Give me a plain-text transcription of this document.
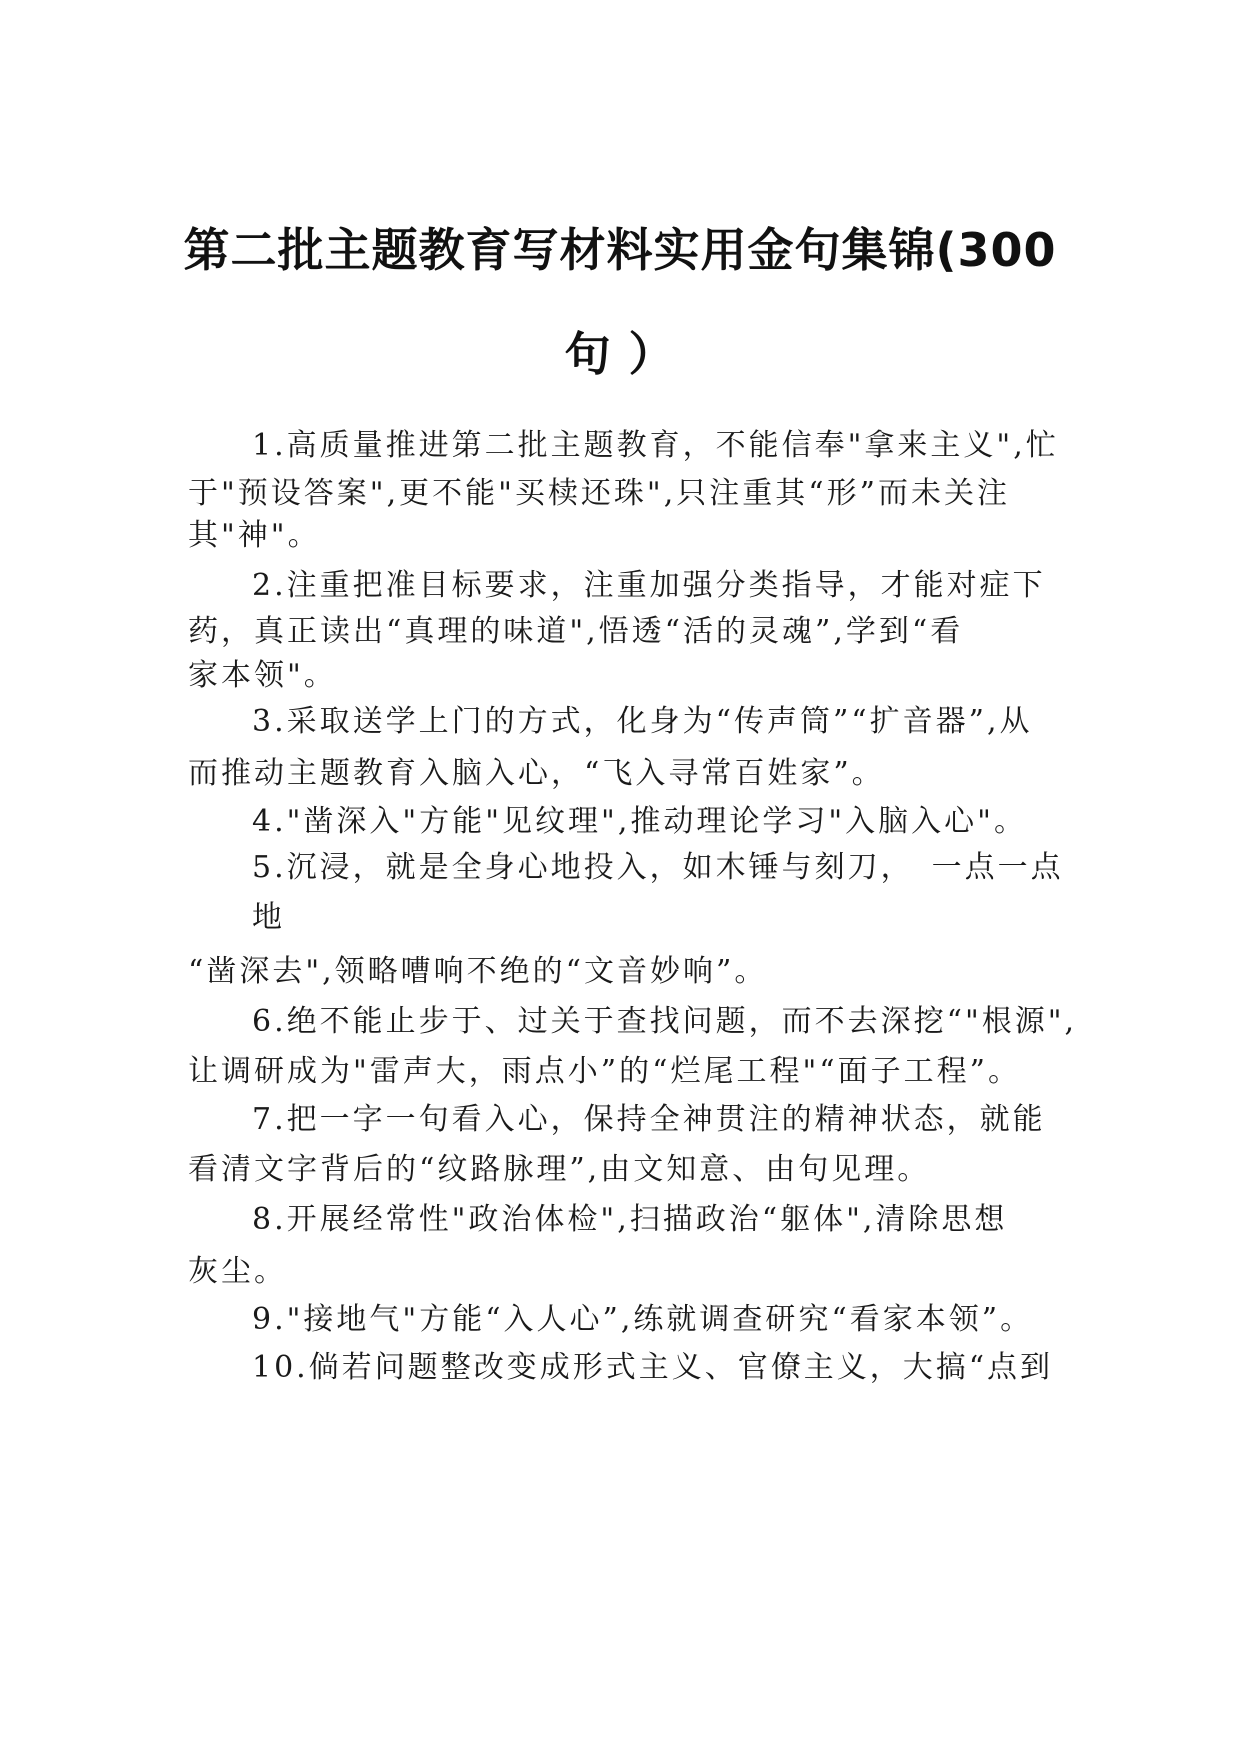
第二批主题教育写材料实用金句集锦(300
句 ）
1.高质量推进第二批主题教育，不能信奉"拿来主义",忙
于"预设答案",更不能"买椟还珠",只注重其“形”而未关注
其"神"。
2.注重把准目标要求，注重加强分类指导，才能对症下
药，真正读出“真理的味道",悟透“活的灵魂”,学到“看
家本领"。
3.采取送学上门的方式，化身为“传声筒”“扩音器”,从
而推动主题教育入脑入心，“飞入寻常百姓家”。
4."凿深入"方能"见纹理",推动理论学习"入脑入心"。
5.沉浸，就是全身心地投入，如木锤与刻刀，　一点一点
地
“凿深去",领略嘈响不绝的“文音妙响”。
6.绝不能止步于、过关于查找问题，而不去深挖“"根源",
让调研成为"雷声大，雨点小”的“烂尾工程"“面子工程”。
7.把一字一句看入心，保持全神贯注的精神状态，就能
看清文字背后的“纹路脉理”,由文知意、由句见理。
8.开展经常性"政治体检",扫描政治“躯体",清除思想
灰尘。
9."接地气"方能“入人心”,练就调查研究“看家本领”。
10.倘若问题整改变成形式主义、官僚主义，大搞“点到
